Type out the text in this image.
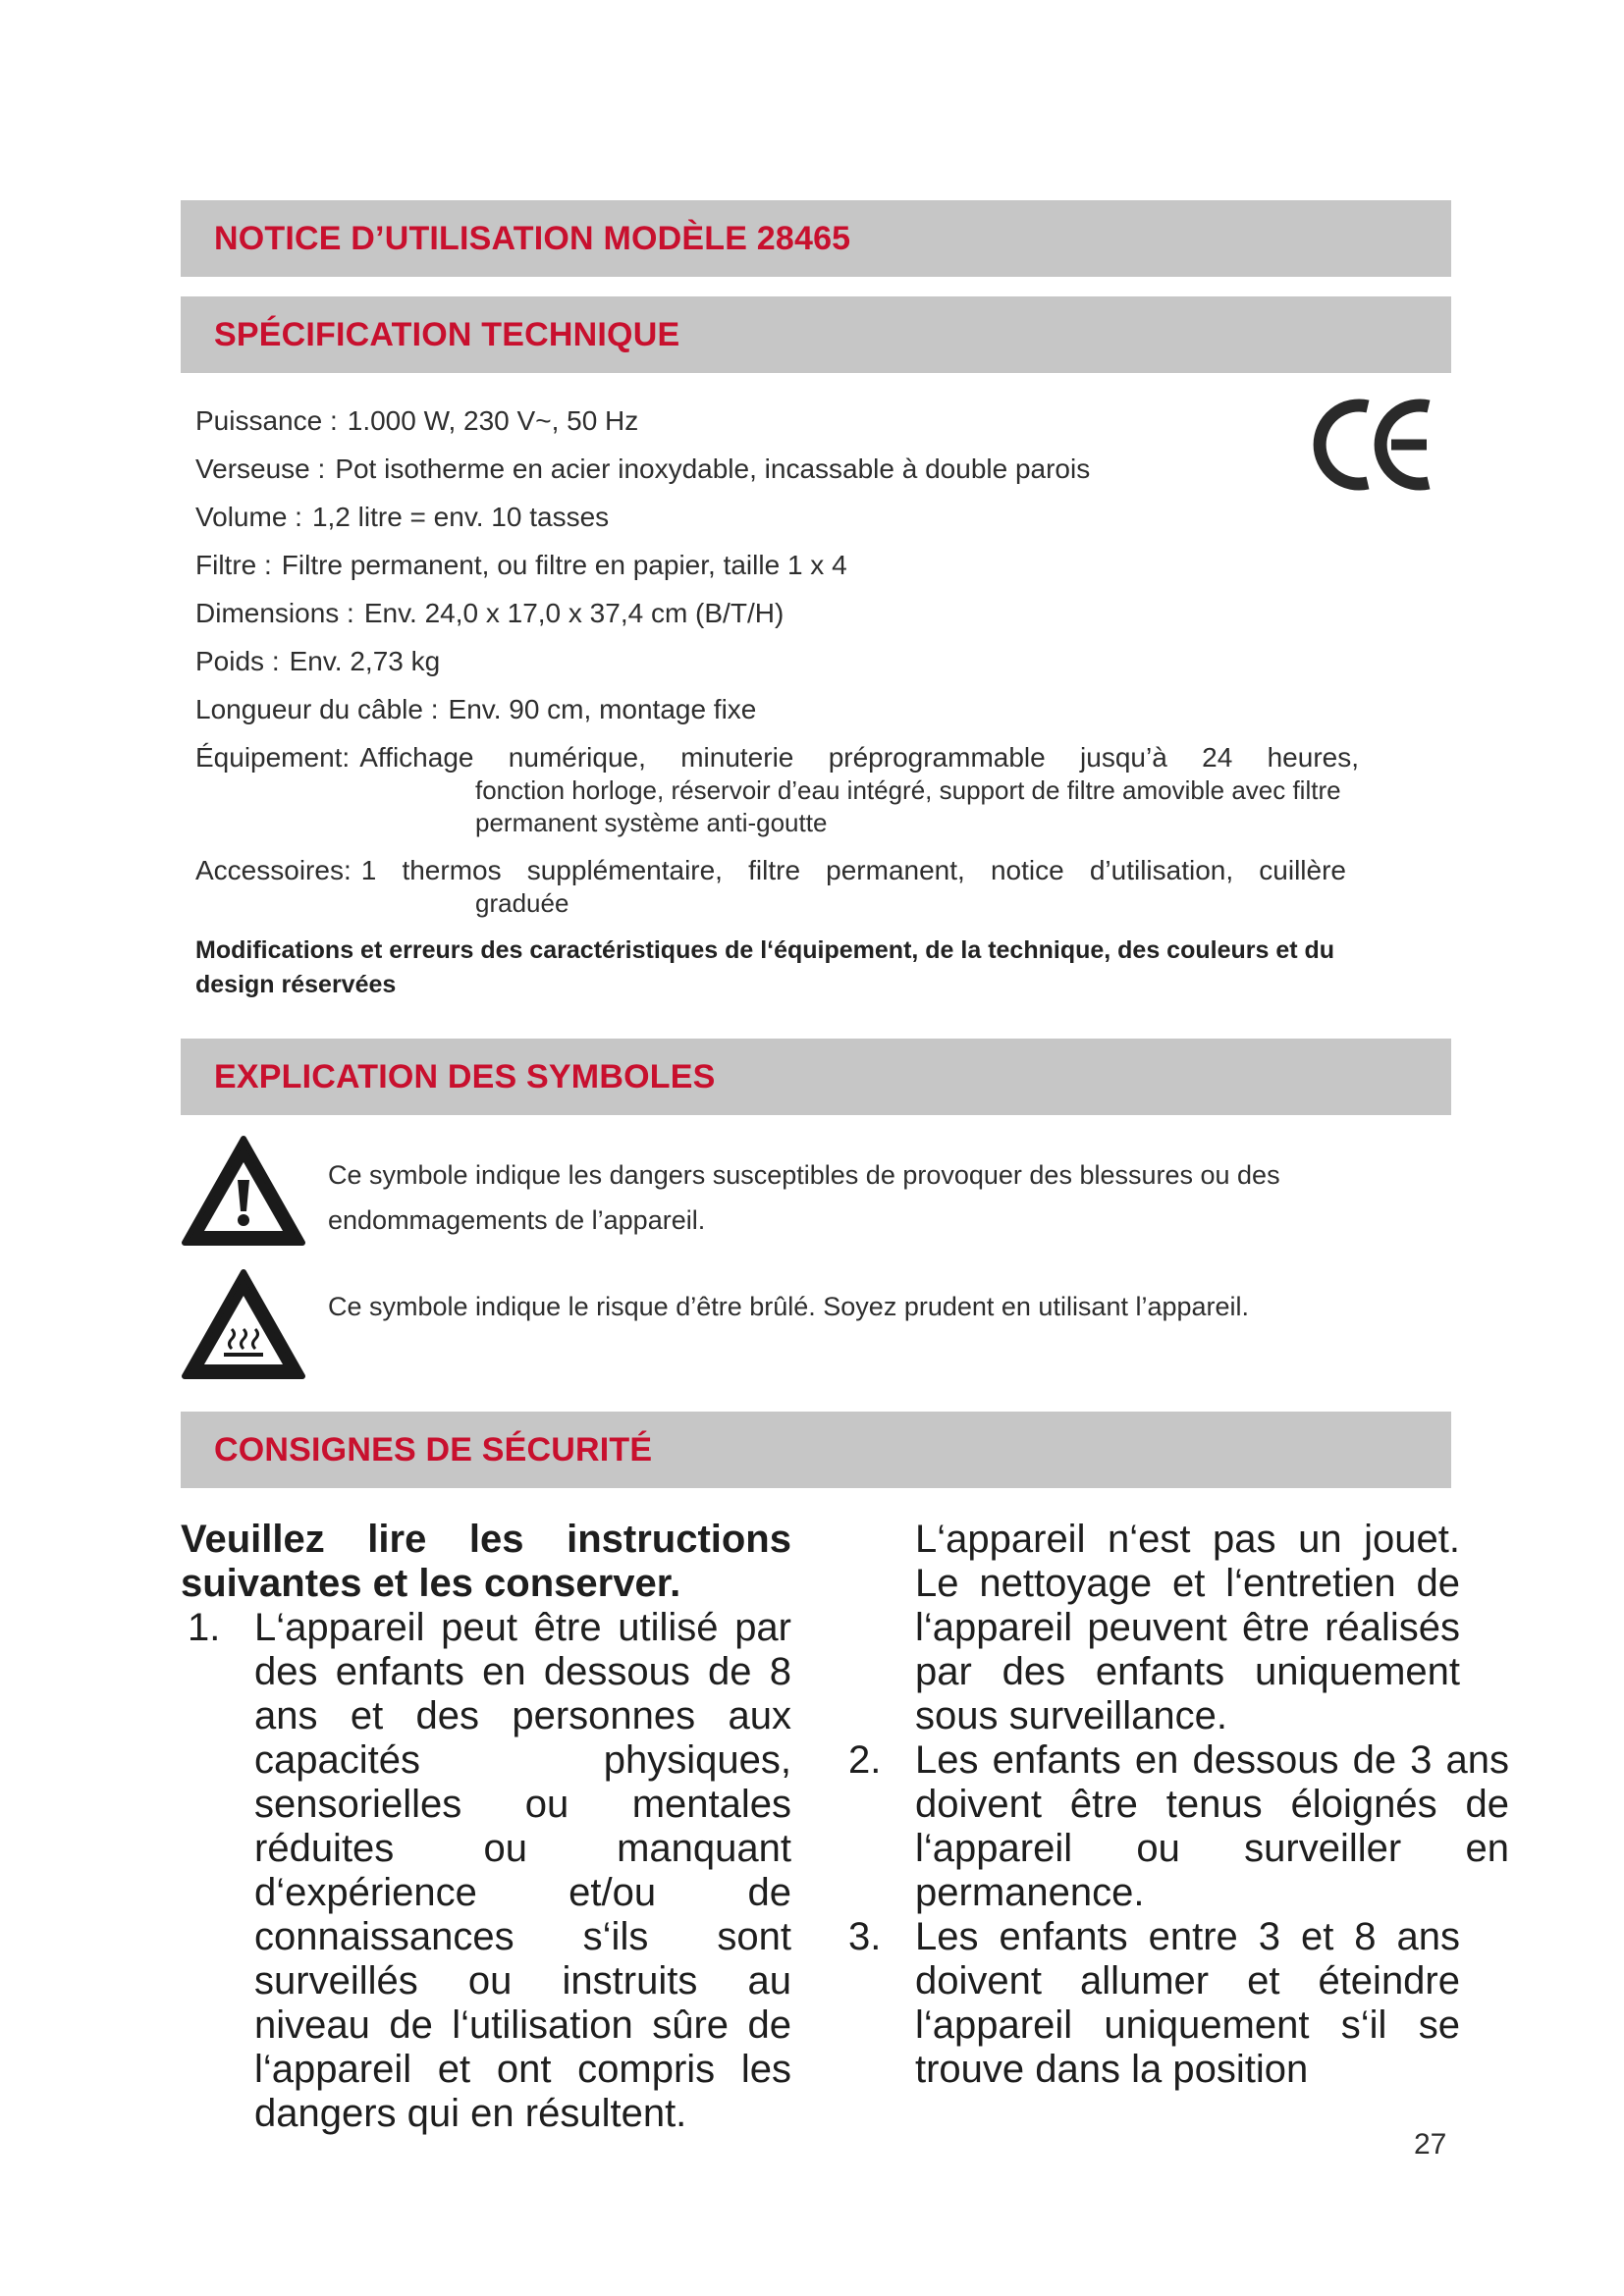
NOTICE D’UTILISATION MODÈLE 28465
SPÉCIFICATION TECHNIQUE
Puissance : 1.000 W, 230 V~, 50 Hz
Verseuse : Pot isotherme en acier inoxydable, incassable à double parois
Volume : 1,2 litre = env. 10 tasses
Filtre : Filtre permanent, ou filtre en papier, taille 1 x 4
Dimensions : Env. 24,0 x 17,0 x 37,4 cm (B/T/H)
Poids : Env. 2,73 kg
Longueur du câble : Env. 90 cm, montage fixe
Équipement: Affichage numérique, minuterie préprogrammable jusqu’à 24 heures,
fonction horloge, réservoir d’eau intégré, support de filtre amovible avec filtre permanent système anti-goutte
Accessoires: 1 thermos supplémentaire, filtre permanent, notice d’utilisation, cuillère
graduée
Modifications et erreurs des caractéristiques de l‘équipement, de la technique, des couleurs et du design réservées
EXPLICATION DES SYMBOLES
Ce symbole indique les dangers susceptibles de provoquer des blessures ou des endommagements de l’appareil.
Ce symbole indique le risque d’être brûlé. Soyez prudent en utilisant l’appareil.
CONSIGNES DE SÉCURITÉ
Veuillez lire les instructions suivantes et les conserver.
1. L‘appareil peut être utilisé par des enfants en dessous de 8 ans et des personnes aux capacités physiques, sensorielles ou mentales réduites ou manquant d‘expérience et/ou de connaissances s‘ils sont surveillés ou instruits au niveau de l‘utilisation sûre de l‘appareil et ont compris les dangers qui en résultent.
L‘appareil n‘est pas un jouet. Le nettoyage et l‘entretien de l‘appareil peuvent être réalisés par des enfants uniquement sous surveillance.
2. Les enfants en dessous de 3 ans doivent être tenus éloignés de l‘appareil ou surveiller en permanence.
3. Les enfants entre 3 et 8 ans doivent allumer et éteindre l‘appareil uniquement s‘il se trouve dans la position
27
